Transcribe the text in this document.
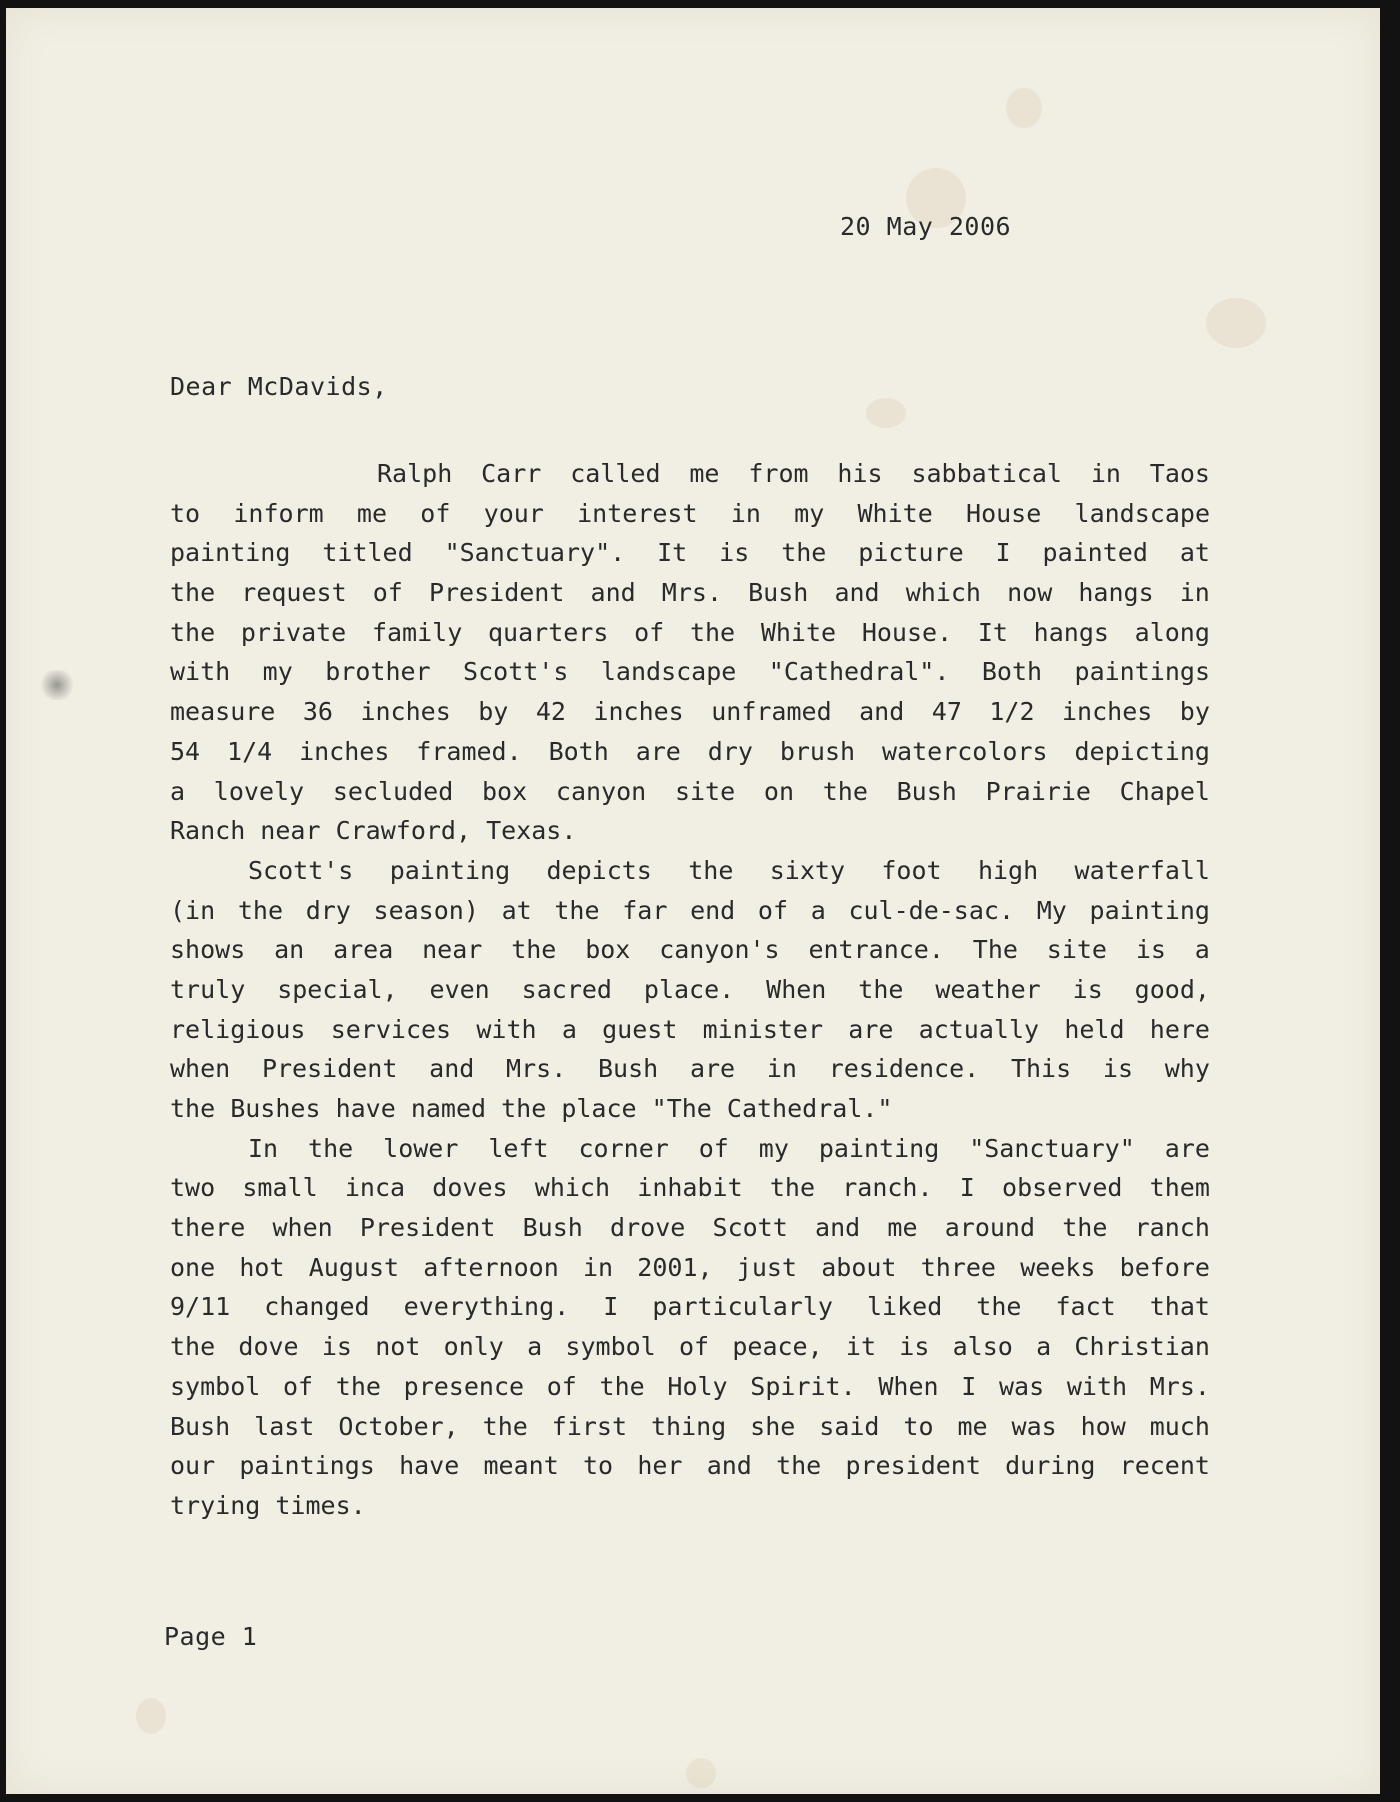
20 May 2006
Dear McDavids,
Ralph Carr called me from his sabbatical in Taos
to inform me of your interest in my White House landscape
painting titled "Sanctuary". It is the picture I painted at
the request of President and Mrs. Bush and which now hangs in
the private family quarters of the White House. It hangs along
with my brother Scott's landscape "Cathedral". Both paintings
measure 36 inches by 42 inches unframed and 47 1/2 inches by
54 1/4 inches framed. Both are dry brush watercolors depicting
a lovely secluded box canyon site on the Bush Prairie Chapel
Ranch near Crawford, Texas.
Scott's painting depicts the sixty foot high waterfall
(in the dry season) at the far end of a cul-de-sac. My painting
shows an area near the box canyon's entrance. The site is a
truly special, even sacred place. When the weather is good,
religious services with a guest minister are actually held here
when President and Mrs. Bush are in residence. This is why
the Bushes have named the place "The Cathedral."
In the lower left corner of my painting "Sanctuary" are
two small inca doves which inhabit the ranch. I observed them
there when President Bush drove Scott and me around the ranch
one hot August afternoon in 2001, just about three weeks before
9/11 changed everything. I particularly liked the fact that
the dove is not only a symbol of peace, it is also a Christian
symbol of the presence of the Holy Spirit. When I was with Mrs.
Bush last October, the first thing she said to me was how much
our paintings have meant to her and the president during recent
trying times.
Page 1
